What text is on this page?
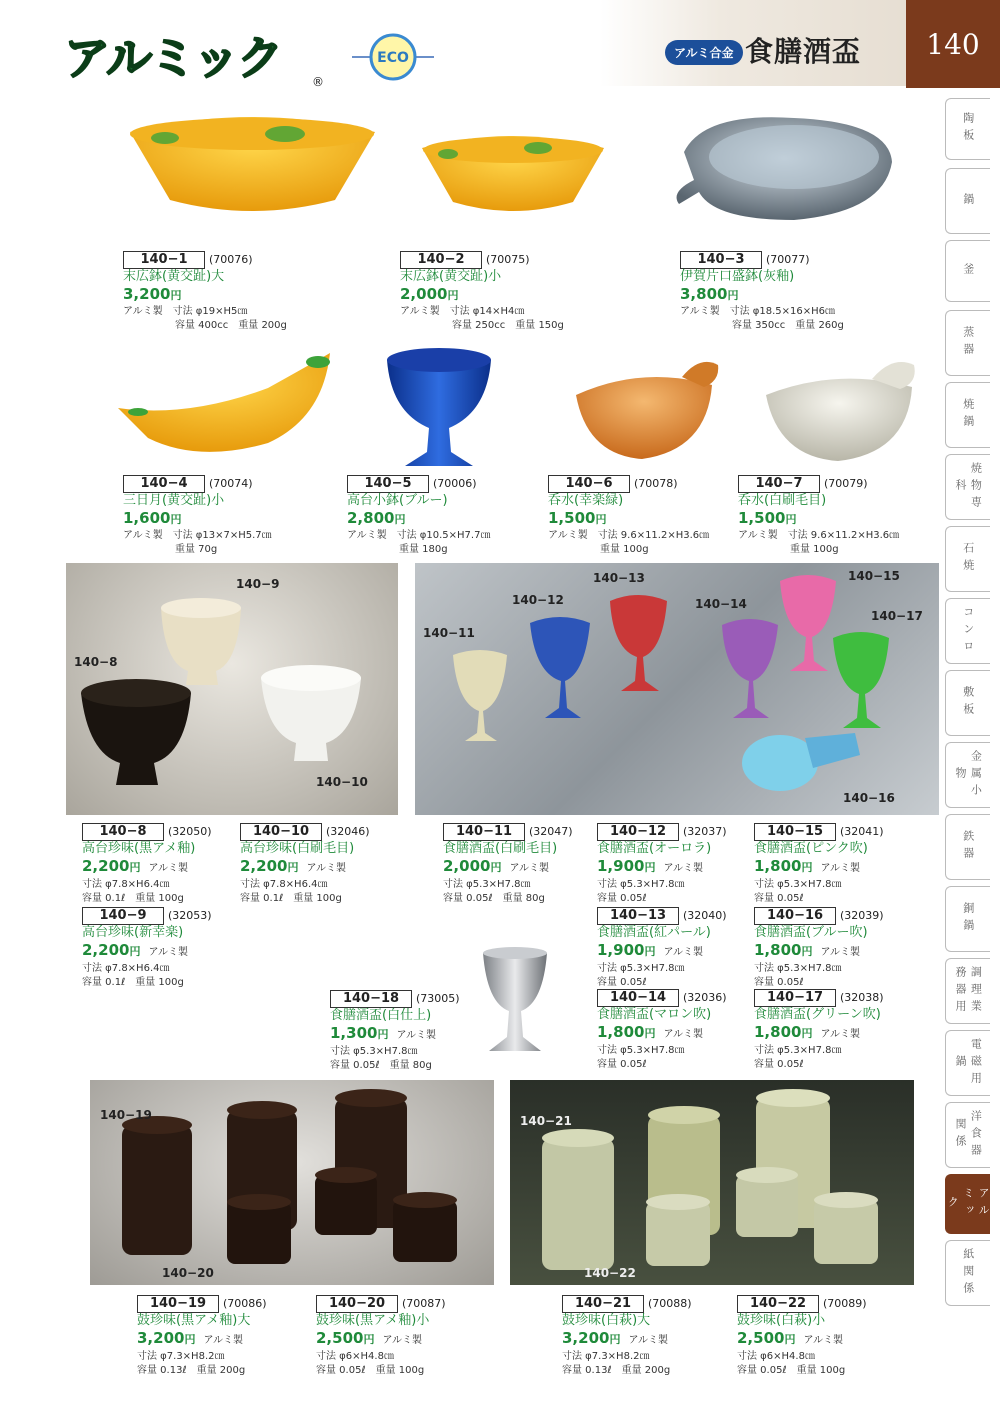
アルミック	®
ECO	アルミ合金 食膳酒盃	140
陶板
鍋
釜
蒸器
焼鍋
焼物専科
石焼
コンロ
敷板
金属小物
鉄器
銅鍋
調理業務器用
電磁用鍋
洋食器関係
アルミック
紙関係
140−1 (70076)
末広鉢(黄交趾)大
3,200円
アルミ製　 寸法 φ19×H5㎝
容量 400cc　重量 200g
140−2 (70075)
末広鉢(黄交趾)小
2,000円
アルミ製　 寸法 φ14×H4㎝
容量 250cc　重量 150g
140−3 (70077)
伊賀片口盛鉢(灰釉)
3,800円
アルミ製　 寸法 φ18.5×16×H6㎝
容量 350cc　重量 260g
140−4 (70074)
三日月(黄交趾)小
1,600円
アルミ製　 寸法 φ13×7×H5.7㎝
重量 70g
140−5 (70006)
高台小鉢(ブルー)
2,800円
アルミ製　 寸法 φ10.5×H7.7㎝
重量 180g
140−6 (70078)
呑水(幸楽緑)
1,500円
アルミ製　 寸法 9.6×11.2×H3.6㎝
重量 100g
140−7 (70079)
呑水(白刷毛目)
1,500円
アルミ製　 寸法 9.6×11.2×H3.6㎝
重量 100g
140−9
140−8
140−10
140−13	140−15
140−12	140−14
140−17
140−11
140−16
140−8 (32050)
高台珍味(黒アメ釉)
2,200円 アルミ製
寸法 φ7.8×H6.4㎝
容量 0.1ℓ　重量 100g
140−9 (32053)
高台珍味(新幸楽)
2,200円 アルミ製
寸法 φ7.8×H6.4㎝
容量 0.1ℓ　重量 100g
140−10 (32046)
高台珍味(白刷毛目)
2,200円 アルミ製
寸法 φ7.8×H6.4㎝
容量 0.1ℓ　重量 100g
140−11 (32047)
食膳酒盃(白刷毛目)
2,000円 アルミ製
寸法 φ5.3×H7.8㎝
容量 0.05ℓ　重量 80g
140−12 (32037)
食膳酒盃(オーロラ)
1,900円 アルミ製
寸法 φ5.3×H7.8㎝
容量 0.05ℓ
140−13 (32040)
食膳酒盃(紅パール)
1,900円 アルミ製
寸法 φ5.3×H7.8㎝
容量 0.05ℓ
140−14 (32036)
食膳酒盃(マロン吹)
1,800円 アルミ製
寸法 φ5.3×H7.8㎝
容量 0.05ℓ
140−15 (32041)
食膳酒盃(ピンク吹)
1,800円 アルミ製
寸法 φ5.3×H7.8㎝
容量 0.05ℓ
140−16 (32039)
食膳酒盃(ブルー吹)
1,800円 アルミ製
寸法 φ5.3×H7.8㎝
容量 0.05ℓ
140−17 (32038)
食膳酒盃(グリーン吹)
1,800円 アルミ製
寸法 φ5.3×H7.8㎝
容量 0.05ℓ
140−18 (73005)
食膳酒盃(白仕上)
1,300円 アルミ製
寸法 φ5.3×H7.8㎝
容量 0.05ℓ　重量 80g
140−19
140−20
140−21
140−22
140−19 (70086)
鼓珍味(黒アメ釉)大
3,200円 アルミ製
寸法 φ7.3×H8.2㎝
容量 0.13ℓ　重量 200g
140−20 (70087)
鼓珍味(黒アメ釉)小
2,500円 アルミ製
寸法 φ6×H4.8㎝
容量 0.05ℓ　重量 100g
140−21 (70088)
鼓珍味(白萩)大
3,200円 アルミ製
寸法 φ7.3×H8.2㎝
容量 0.13ℓ　重量 200g
140−22 (70089)
鼓珍味(白萩)小
2,500円 アルミ製
寸法 φ6×H4.8㎝
容量 0.05ℓ　重量 100g
